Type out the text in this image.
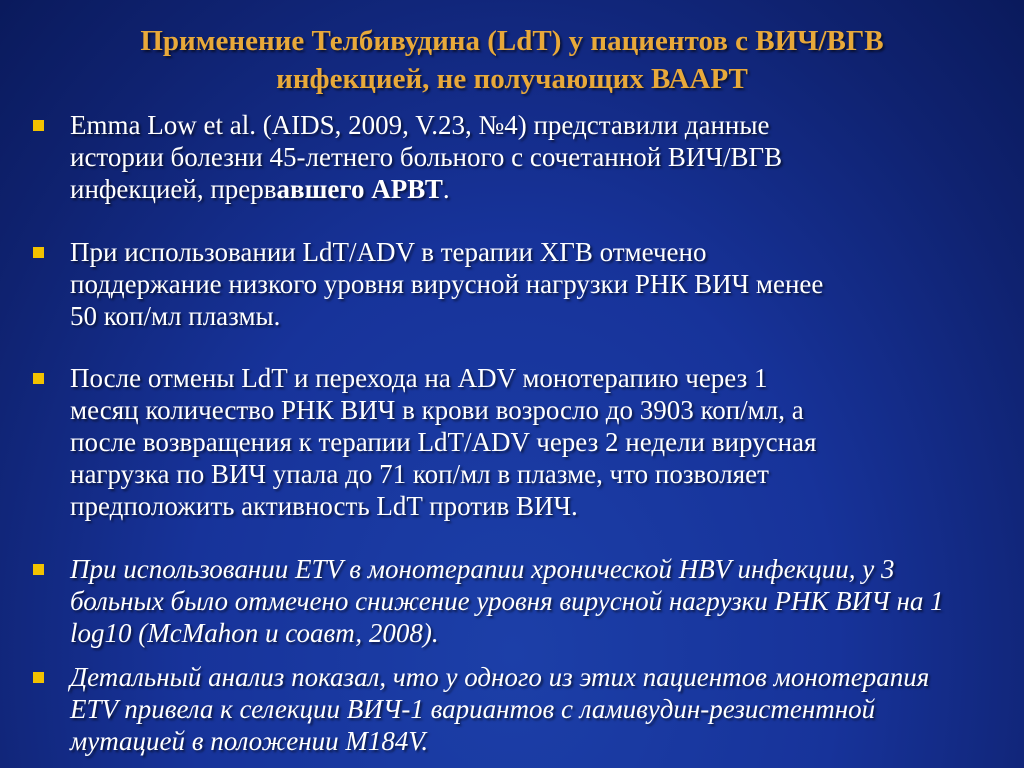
Применение Телбивудина (LdT) у пациентов с ВИЧ/ВГВ
инфекцией, не получающих ВААРТ
Emma Low et al. (AIDS, 2009, V.23, №4) представили данные
истории болезни 45-летнего больного с сочетанной ВИЧ/ВГВ
инфекцией, прервавшего АРВТ.
При использовании LdT/ADV в терапии ХГВ отмечено
поддержание низкого уровня вирусной нагрузки РНК ВИЧ менее
50 коп/мл плазмы.
После отмены LdT и перехода на ADV монотерапию через 1
месяц количество РНК ВИЧ в крови возросло до 3903 коп/мл, а
после возвращения к терапии LdT/ADV через 2 недели вирусная
нагрузка по ВИЧ упала до 71 коп/мл в плазме, что позволяет
предположить активность LdT против ВИЧ.
При использовании ETV в монотерапии хронической HBV инфекции, у 3
больных было отмечено снижение уровня вирусной нагрузки РНК ВИЧ на 1
log10 (McMahon и соавт, 2008).
Детальный анализ показал, что у одного из этих пациентов монотерапия
ETV привела к селекции ВИЧ-1 вариантов с ламивудин-резистентной
мутацией в положении M184V.
